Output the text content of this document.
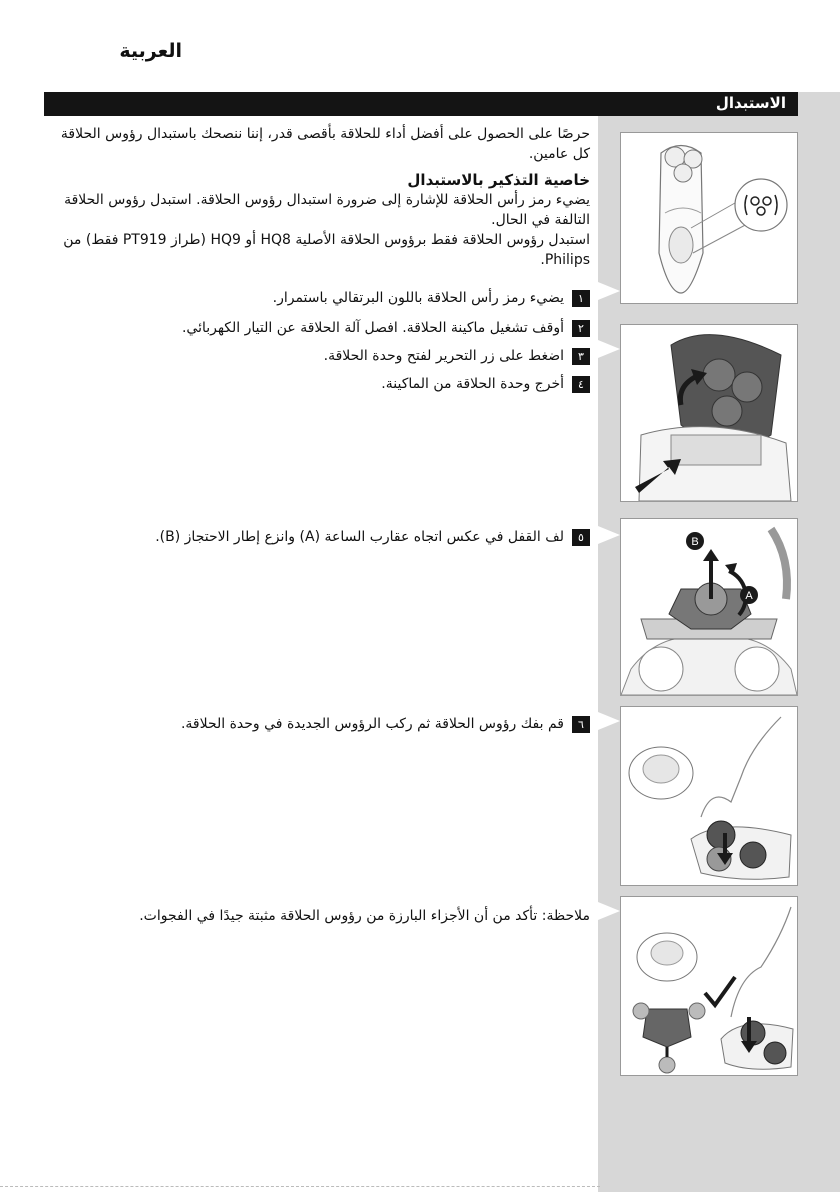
العربية
الاستبدال
حرصًا على الحصول على أفضل أداء للحلاقة بأقصى قدر، إننا ننصحك باستبدال رؤوس الحلاقة كل عامين.
خاصية التذكير بالاستبدال
يضيء رمز رأس الحلاقة للإشارة إلى ضرورة استبدال رؤوس الحلاقة. استبدل رؤوس الحلاقة التالفة في الحال.
استبدل رؤوس الحلاقة فقط برؤوس الحلاقة الأصلية HQ8 أو HQ9 (طراز PT919 فقط) من Philips.
١يضيء رمز رأس الحلاقة باللون البرتقالي باستمرار.
٢أوقف تشغيل ماكينة الحلاقة. افصل آلة الحلاقة عن التيار الكهربائي.
٣اضغط على زر التحرير لفتح وحدة الحلاقة.
٤أخرج وحدة الحلاقة من الماكينة.
٥لف القفل في عكس اتجاه عقارب الساعة (A) وانزع إطار الاحتجاز (B).
٦قم بفك رؤوس الحلاقة ثم ركب الرؤوس الجديدة في وحدة الحلاقة.
ملاحظة: تأكد من أن الأجزاء البارزة من رؤوس الحلاقة مثبتة جيدًا في الفجوات.
B
A
